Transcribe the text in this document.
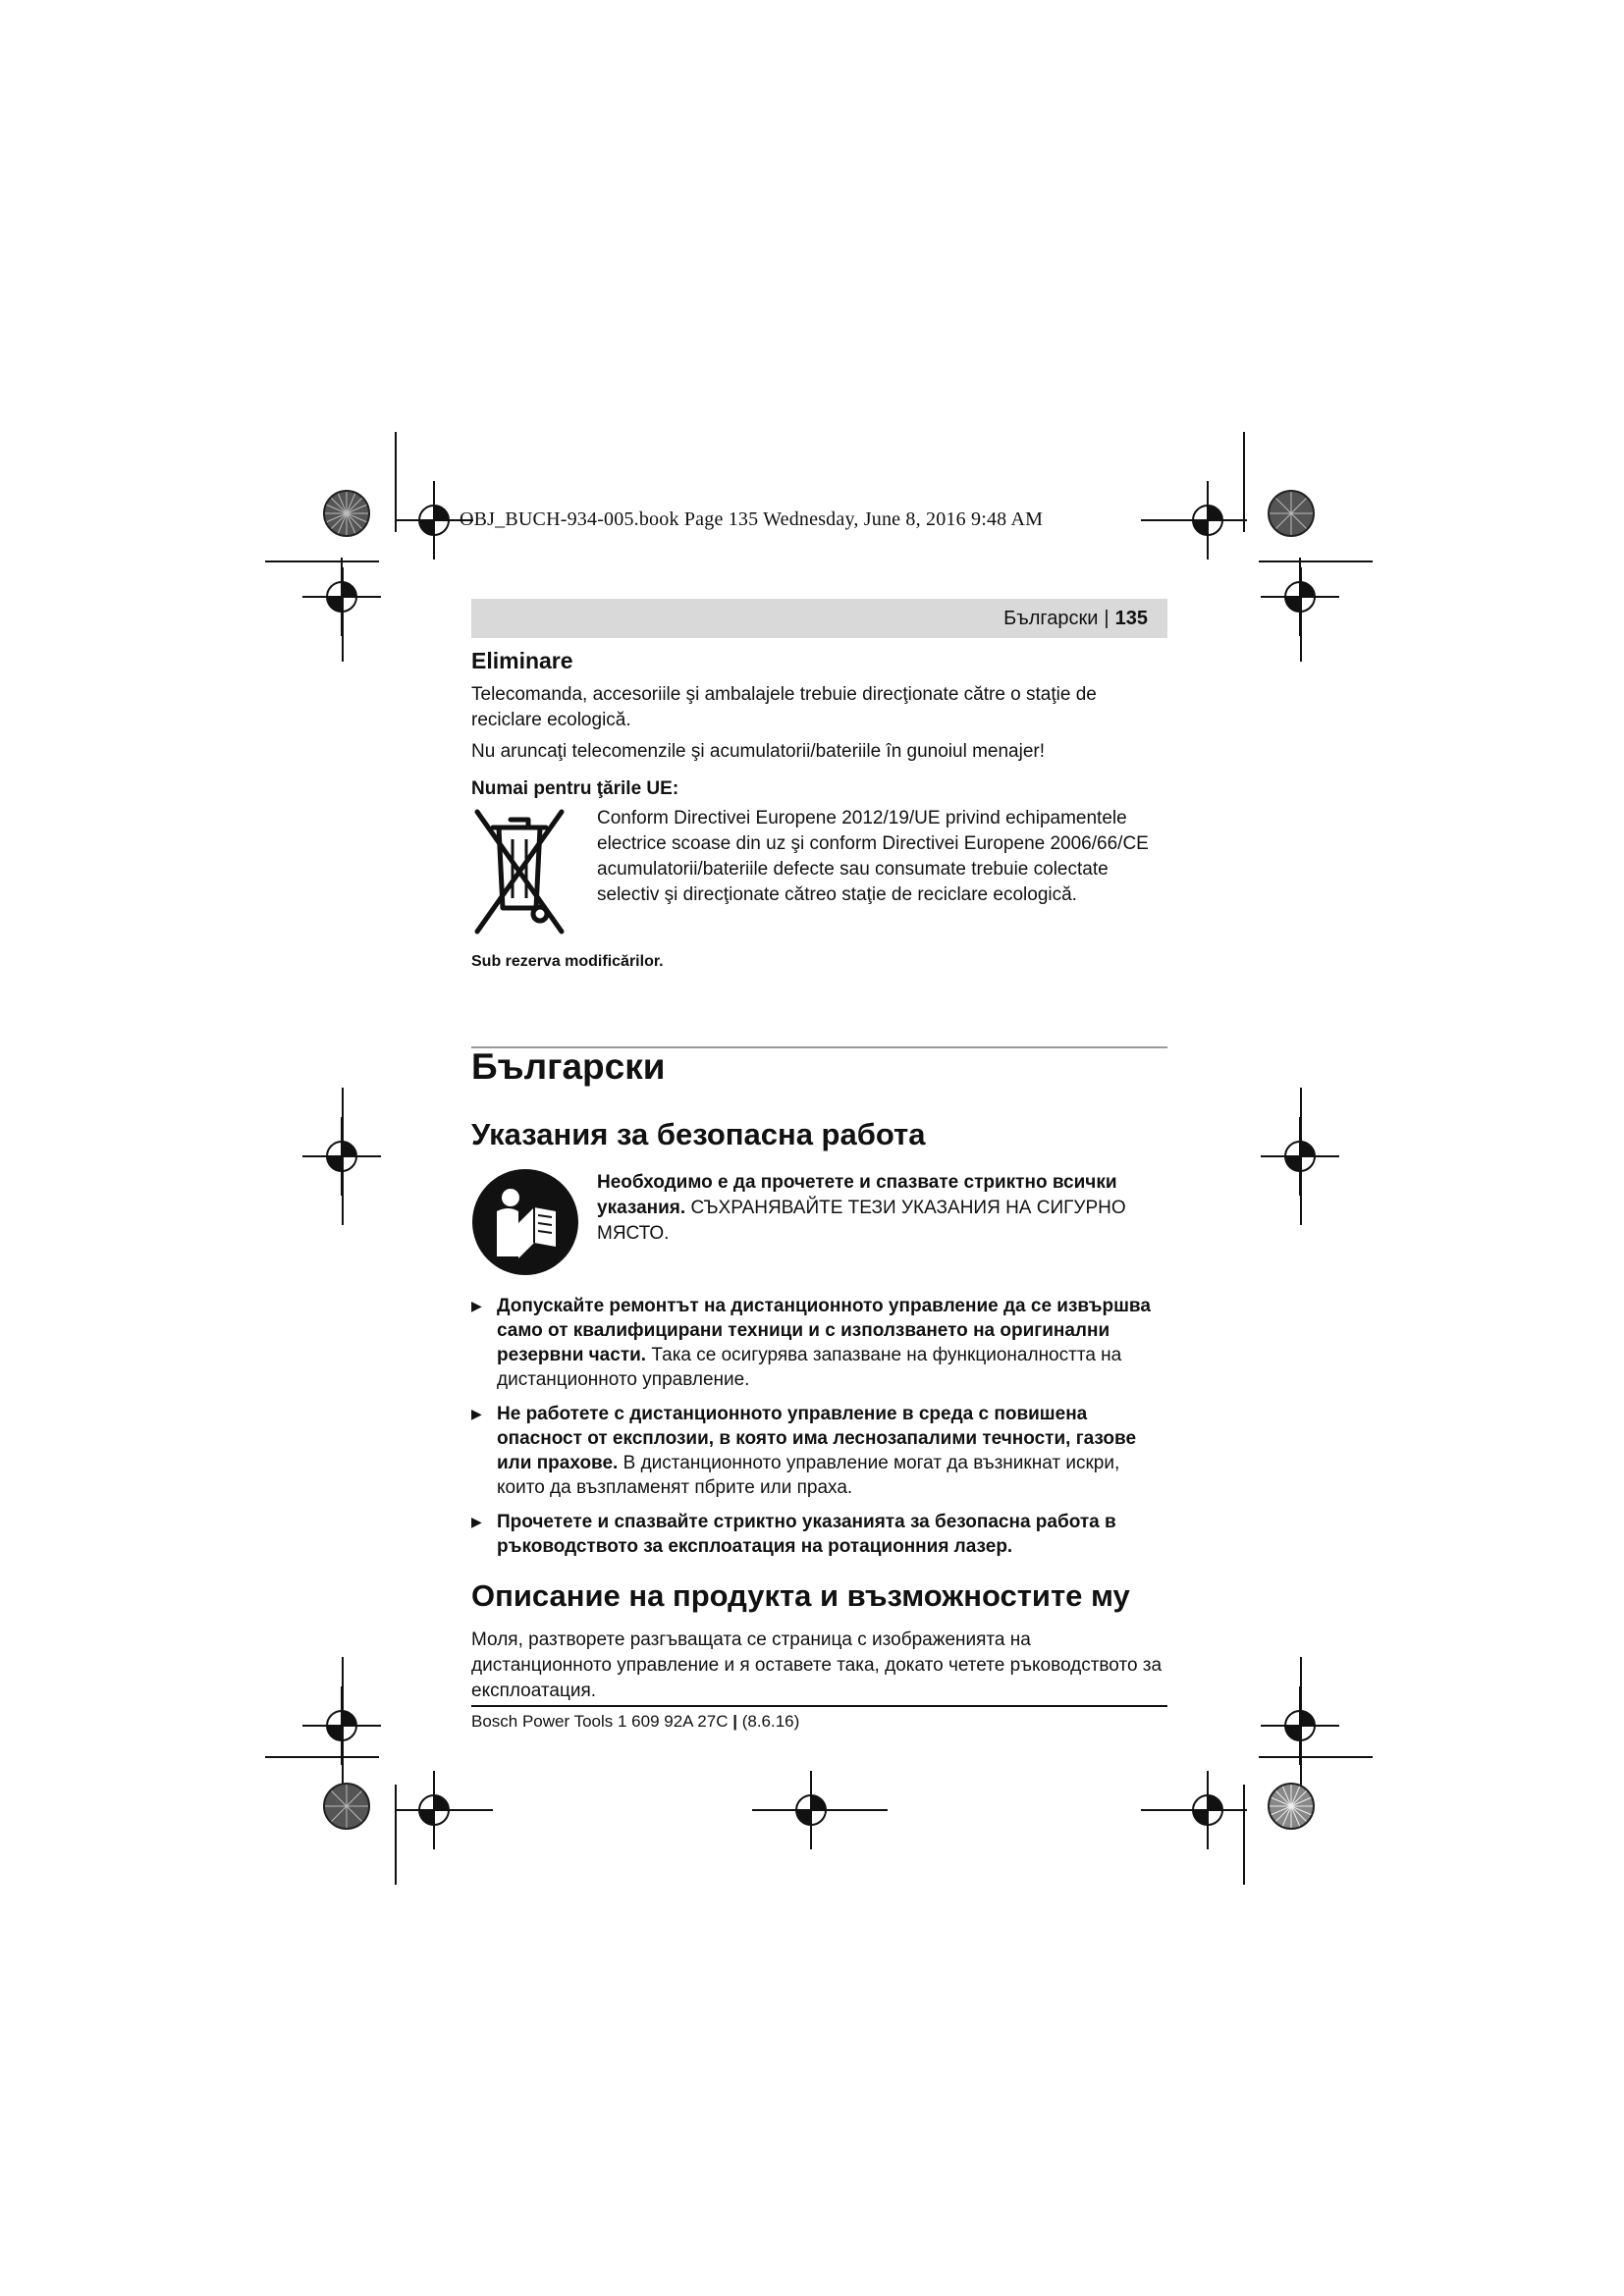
OBJ_BUCH-934-005.book Page 135 Wednesday, June 8, 2016 9:48 AM
Български | 135
Eliminare

Telecomanda, accesoriile şi ambalajele trebuie direcţionate către o staţie de reciclare ecologică.

Nu aruncaţi telecomenzile şi acumulatorii/bateriile în gunoiul menajer!

Numai pentru ţările UE:

Conform Directivei Europene 2012/19/UE privind echipamentele electrice scoase din uz şi conform Directivei Europene 2006/66/CE acumulatorii/bateriile defecte sau consumate trebuie colectate selectiv şi direcţionate cătreo staţie de reciclare ecologică.

Sub rezerva modificărilor.

Български
Указания за безопасна работа

Необходимо е да прочетете и спазвате стриктно всички указания. СЪХРАНЯВАЙТЕ ТЕЗИ УКАЗАНИЯ НА СИГУРНО МЯСТО.

▶ Допускайте ремонтът на дистанционното управление да се извършва само от квалифицирани техници и с използването на оригинални резервни части. Така се осигурява запазване на функционалността на дистанционното управление.
▶ Не работете с дистанционното управление в среда с повишена опасност от експлозии, в която има леснозапалими течности, газове или прахове. В дистанционното управление могат да възникнат искри, които да възпламенят пбрите или праха.
▶ Прочетете и спазвайте стриктно указанията за безопасна работа в ръководството за експлоатация на ротационния лазер.
Описание на продукта и възможностите му

Моля, разтворете разгъващата се страница с изображенията на дистанционното управление и я оставете така, докато четете ръководството за експлоатация.

Bosch Power Tools 1 609 92A 27C | (8.6.16)
